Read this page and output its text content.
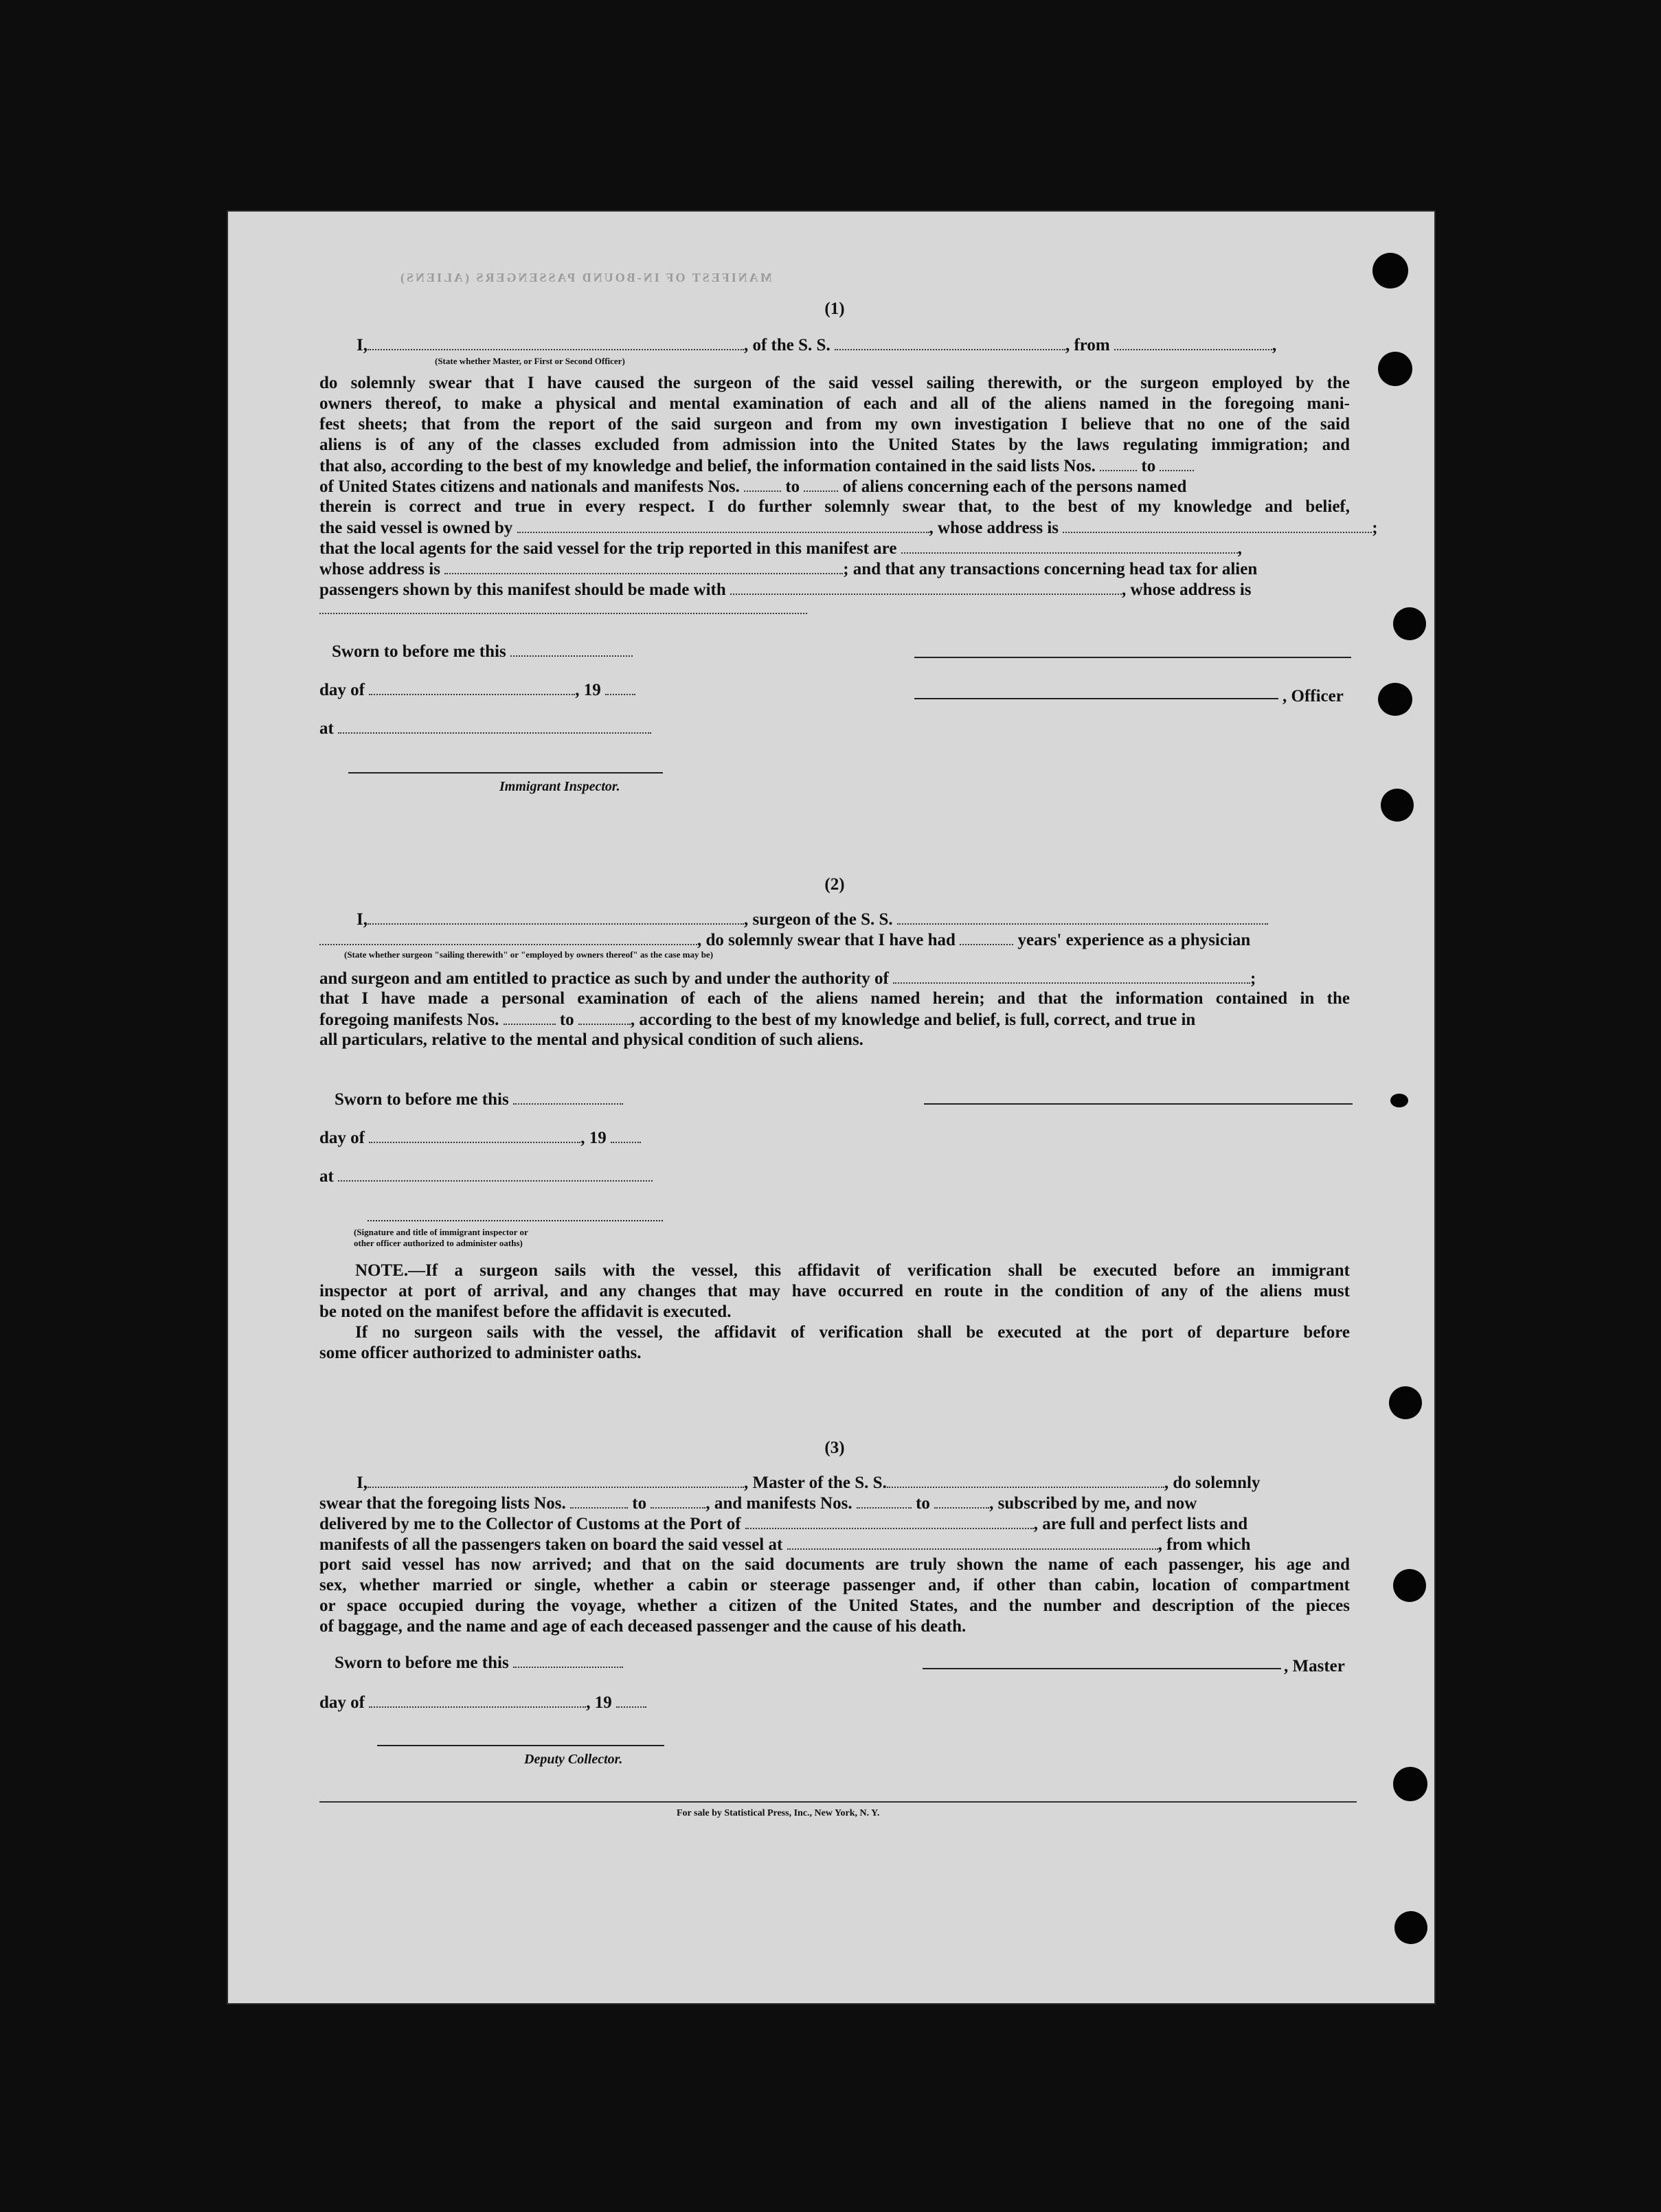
MANIFEST OF IN-BOUND PASSENGERS (ALIENS)
(1)
I,	, of the S. S.	, from	,
(State whether Master, or First or Second Officer)
do solemnly swear that I have caused the surgeon of the said vessel sailing therewith, or the surgeon employed by the
owners thereof, to make a physical and mental examination of each and all of the aliens named in the foregoing mani-
fest sheets; that from the report of the said surgeon and from my own investigation I believe that no one of the said
aliens is of any of the classes excluded from admission into the United States by the laws regulating immigration; and
that also, according to the best of my knowledge and belief, the information contained in the said lists Nos.	to
of United States citizens and nationals and manifests Nos.	to	of aliens concerning each of the persons named
therein is correct and true in every respect. I do further solemnly swear that, to the best of my knowledge and belief,
the said vessel is owned by	, whose address is	;
that the local agents for the said vessel for the trip reported in this manifest are	,
whose address is	; and that any transactions concerning head tax for alien
passengers shown by this manifest should be made with	, whose address is
Sworn to before me this
day of	, 19	, Officer
at
Immigrant Inspector.
(2)
I,	, surgeon of the S. S.
, do solemnly swear that I have had	years' experience as a physician
(State whether surgeon "sailing therewith" or "employed by owners thereof" as the case may be)
and surgeon and am entitled to practice as such by and under the authority of	;
that I have made a personal examination of each of the aliens named herein; and that the information contained in the
foregoing manifests Nos.	to	, according to the best of my knowledge and belief, is full, correct, and true in
all particulars, relative to the mental and physical condition of such aliens.
Sworn to before me this
day of	, 19
at
(Signature and title of immigrant inspector or
other officer authorized to administer oaths)
NOTE.—If a surgeon sails with the vessel, this affidavit of verification shall be executed before an immigrant
inspector at port of arrival, and any changes that may have occurred en route in the condition of any of the aliens must
be noted on the manifest before the affidavit is executed.
If no surgeon sails with the vessel, the affidavit of verification shall be executed at the port of departure before
some officer authorized to administer oaths.
(3)
I,	, Master of the S. S.	, do solemnly
swear that the foregoing lists Nos.	to	, and manifests Nos.	to	, subscribed by me, and now
delivered by me to the Collector of Customs at the Port of	, are full and perfect lists and
manifests of all the passengers taken on board the said vessel at	, from which
port said vessel has now arrived; and that on the said documents are truly shown the name of each passenger, his age and
sex, whether married or single, whether a cabin or steerage passenger and, if other than cabin, location of compartment
or space occupied during the voyage, whether a citizen of the United States, and the number and description of the pieces
of baggage, and the name and age of each deceased passenger and the cause of his death.
Sworn to before me this	, Master
day of	, 19
Deputy Collector.
For sale by Statistical Press, Inc., New York, N. Y.
